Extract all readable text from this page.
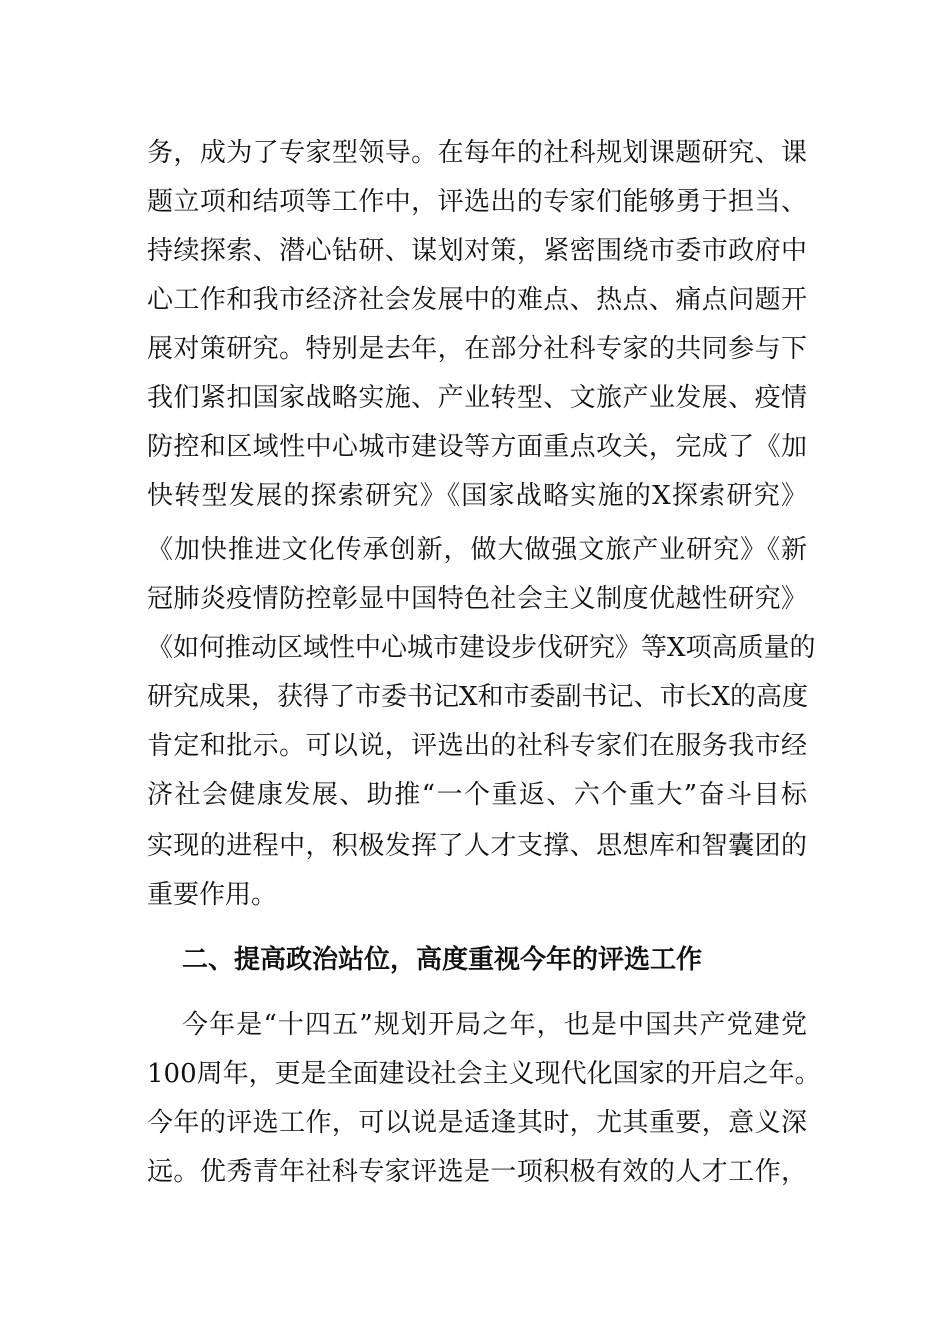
务，成为了专家型领导。在每年的社科规划课题研究、课
题立项和结项等工作中，评选出的专家们能够勇于担当、
持续探索、潜心钻研、谋划对策，紧密围绕市委市政府中
心工作和我市经济社会发展中的难点、热点、痛点问题开
展对策研究。特别是去年，在部分社科专家的共同参与下
我们紧扣国家战略实施、产业转型、文旅产业发展、疫情
防控和区域性中心城市建设等方面重点攻关，完成了《加
快转型发展的探索研究》《国家战略实施的X探索研究》
《加快推进文化传承创新，做大做强文旅产业研究》《新
冠肺炎疫情防控彰显中国特色社会主义制度优越性研究》
《如何推动区域性中心城市建设步伐研究》等X项高质量的
研究成果，获得了市委书记X和市委副书记、市长X的高度
肯定和批示。可以说，评选出的社科专家们在服务我市经
济社会健康发展、助推“一个重返、六个重大”奋斗目标
实现的进程中，积极发挥了人才支撑、思想库和智囊团的
重要作用。
二、提高政治站位，高度重视今年的评选工作
今年是“十四五”规划开局之年，也是中国共产党建党
100周年，更是全面建设社会主义现代化国家的开启之年。
今年的评选工作，可以说是适逢其时，尤其重要，意义深
远。优秀青年社科专家评选是一项积极有效的人才工作，
